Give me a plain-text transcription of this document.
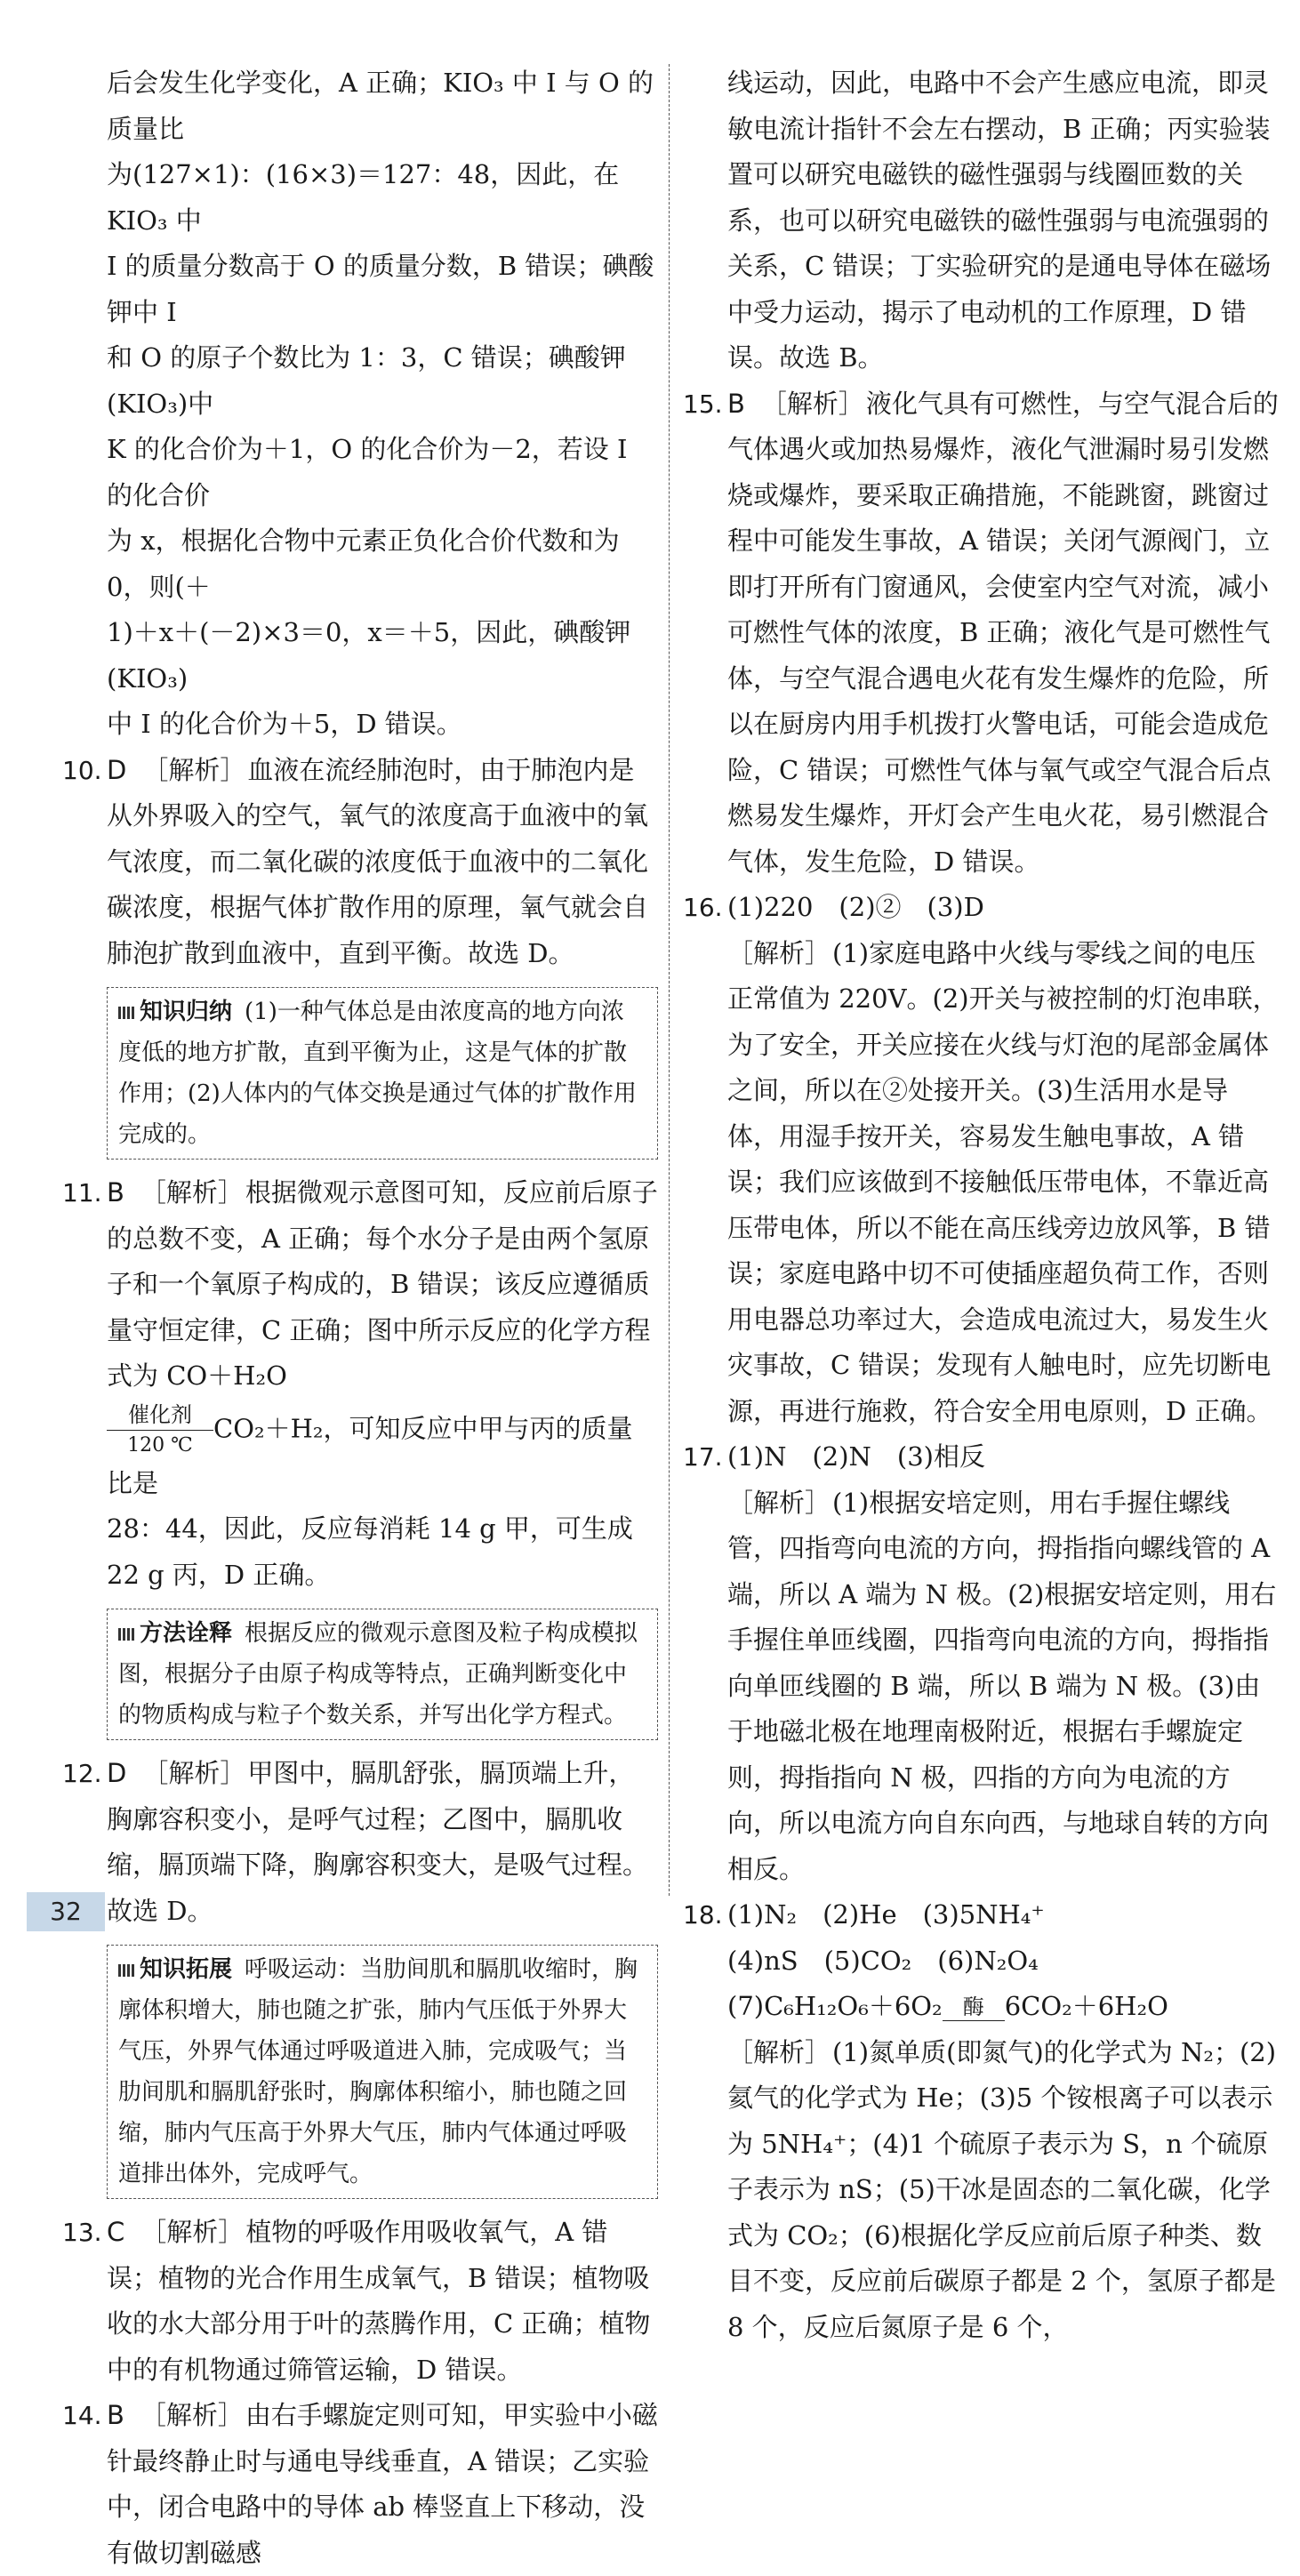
后会发生化学变化，A 正确；KIO₃ 中 I 与 O 的质量比

为(127×1)：(16×3)＝127：48，因此，在 KIO₃ 中

I 的质量分数高于 O 的质量分数，B 错误；碘酸钾中 I

和 O 的原子个数比为 1：3，C 错误；碘酸钾(KIO₃)中

K 的化合价为＋1，O 的化合价为－2，若设 I 的化合价

为 x，根据化合物中元素正负化合价代数和为 0，则(＋

1)＋x＋(－2)×3＝0，x＝＋5，因此，碘酸钾(KIO₃)

中 I 的化合价为＋5，D 错误。

10. D ［解析］血液在流经肺泡时，由于肺泡内是从外界吸入的空气，氧气的浓度高于血液中的氧气浓度，而二氧化碳的浓度低于血液中的二氧化碳浓度，根据气体扩散作用的原理，氧气就会自肺泡扩散到血液中，直到平衡。故选 D。
知识归纳 (1)一种气体总是由浓度高的地方向浓度低的地方扩散，直到平衡为止，这是气体的扩散作用；(2)人体内的气体交换是通过气体的扩散作用完成的。
11. B ［解析］根据微观示意图可知，反应前后原子的总数不变，A 正确；每个水分子是由两个氢原子和一个氧原子构成的，B 错误；该反应遵循质量守恒定律，C 正确；图中所示反应的化学方程式为 CO＋H₂O
催化剂
120 ℃
CO₂＋H₂，可知反应中甲与丙的质量比是

28：44，因此，反应每消耗 14 g 甲，可生成 22 g 丙，D 正确。

方法诠释 根据反应的微观示意图及粒子构成模拟图，根据分子由原子构成等特点，正确判断变化中的物质构成与粒子个数关系，并写出化学方程式。
12. D ［解析］甲图中，膈肌舒张，膈顶端上升，胸廓容积变小，是呼气过程；乙图中，膈肌收缩，膈顶端下降，胸廓容积变大，是吸气过程。故选 D。
知识拓展 呼吸运动：当肋间肌和膈肌收缩时，胸廓体积增大，肺也随之扩张，肺内气压低于外界大气压，外界气体通过呼吸道进入肺，完成吸气；当肋间肌和膈肌舒张时，胸廓体积缩小，肺也随之回缩，肺内气压高于外界大气压，肺内气体通过呼吸道排出体外，完成呼气。
13. C ［解析］植物的呼吸作用吸收氧气，A 错误；植物的光合作用生成氧气，B 错误；植物吸收的水大部分用于叶的蒸腾作用，C 正确；植物中的有机物通过筛管运输，D 错误。
14. B ［解析］由右手螺旋定则可知，甲实验中小磁针最终静止时与通电导线垂直，A 错误；乙实验中，闭合电路中的导体 ab 棒竖直上下移动，没有做切割磁感

线运动，因此，电路中不会产生感应电流，即灵敏电流计指针不会左右摆动，B 正确；丙实验装置可以研究电磁铁的磁性强弱与线圈匝数的关系，也可以研究电磁铁的磁性强弱与电流强弱的关系，C 错误；丁实验研究的是通电导体在磁场中受力运动，揭示了电动机的工作原理，D 错误。故选 B。

15. B ［解析］液化气具有可燃性，与空气混合后的气体遇火或加热易爆炸，液化气泄漏时易引发燃烧或爆炸，要采取正确措施，不能跳窗，跳窗过程中可能发生事故，A 错误；关闭气源阀门，立即打开所有门窗通风，会使室内空气对流，减小可燃性气体的浓度，B 正确；液化气是可燃性气体，与空气混合遇电火花有发生爆炸的危险，所以在厨房内用手机拨打火警电话，可能会造成危险，C 错误；可燃性气体与氧气或空气混合后点燃易发生爆炸，开灯会产生电火花，易引燃混合气体，发生危险，D 错误。
16. (1)220　(2)②　(3)D

［解析］(1)家庭电路中火线与零线之间的电压正常值为 220V。(2)开关与被控制的灯泡串联，为了安全，开关应接在火线与灯泡的尾部金属体之间，所以在②处接开关。(3)生活用水是导体，用湿手按开关，容易发生触电事故，A 错误；我们应该做到不接触低压带电体，不靠近高压带电体，所以不能在高压线旁边放风筝，B 错误；家庭电路中切不可使插座超负荷工作，否则用电器总功率过大，会造成电流过大，易发生火灾事故，C 错误；发现有人触电时，应先切断电源，再进行施救，符合安全用电原则，D 正确。

17. (1)N　(2)N　(3)相反

［解析］(1)根据安培定则，用右手握住螺线管，四指弯向电流的方向，拇指指向螺线管的 A 端，所以 A 端为 N 极。(2)根据安培定则，用右手握住单匝线圈，四指弯向电流的方向，拇指指向单匝线圈的 B 端，所以 B 端为 N 极。(3)由于地磁北极在地理南极附近，根据右手螺旋定则，拇指指向 N 极，四指的方向为电流的方向，所以电流方向自东向西，与地球自转的方向相反。

18. (1)N₂　(2)He　(3)5NH₄⁺

(4)nS　(5)CO₂　(6)N₂O₄

(7)C₆H₁₂O₆＋6O₂ 酶 6CO₂＋6H₂O

［解析］(1)氮单质(即氮气)的化学式为 N₂；(2)氦气的化学式为 He；(3)5 个铵根离子可以表示为 5NH₄⁺；(4)1 个硫原子表示为 S，n 个硫原子表示为 nS；(5)干冰是固态的二氧化碳，化学式为 CO₂；(6)根据化学反应前后原子种类、数目不变，反应前后碳原子都是 2 个，氢原子都是 8 个，反应后氮原子是 6 个，

32
